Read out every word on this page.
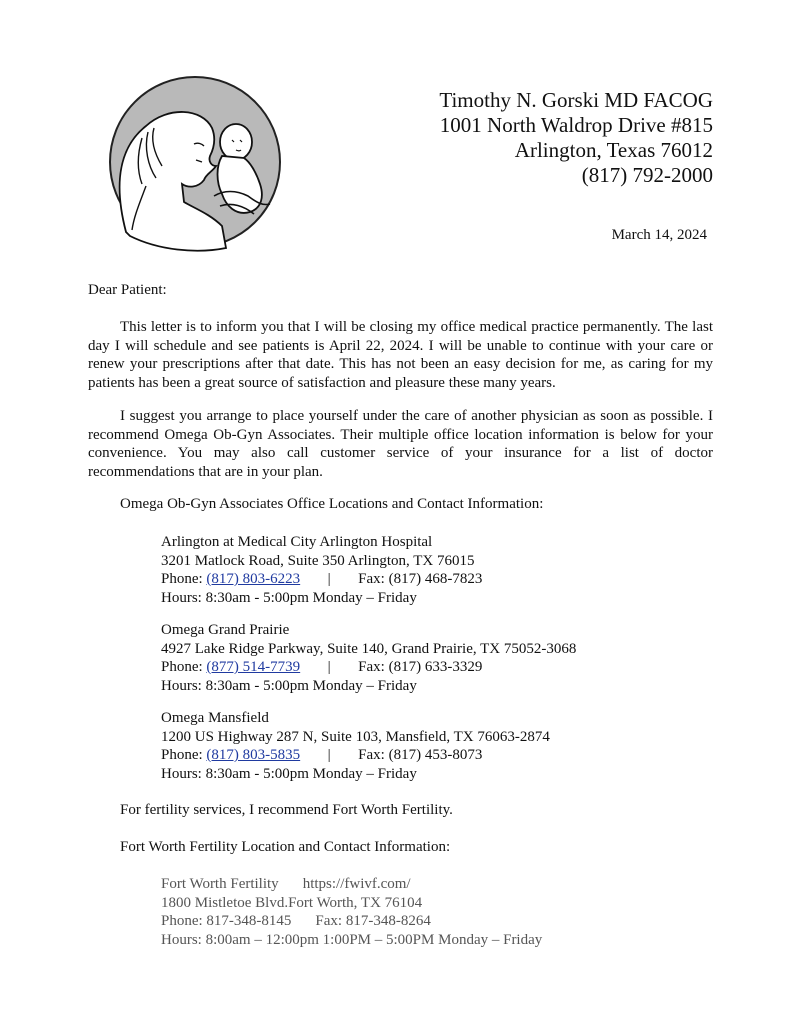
Timothy N. Gorski MD FACOG
1001 North Waldrop Drive #815
Arlington, Texas 76012
(817) 792-2000
March 14, 2024
Dear Patient:
This letter is to inform you that I will be closing my office medical practice permanently. The last day I will schedule and see patients is April 22, 2024. I will be unable to continue with your care or renew your prescriptions after that date. This has not been an easy decision for me, as caring for my patients has been a great source of satisfaction and pleasure these many years.
I suggest you arrange to place yourself under the care of another physician as soon as possible. I recommend Omega Ob-Gyn Associates. Their multiple office location information is below for your convenience. You may also call customer service of your insurance for a list of doctor recommendations that are in your plan.
Omega Ob-Gyn Associates Office Locations and Contact Information:
Arlington at Medical City Arlington Hospital
3201 Matlock Road, Suite 350 Arlington, TX 76015
Phone: (817) 803-6223 | Fax: (817) 468-7823
Hours: 8:30am - 5:00pm Monday – Friday
Omega Grand Prairie
4927 Lake Ridge Parkway, Suite 140, Grand Prairie, TX 75052-3068
Phone: (877) 514-7739 | Fax: (817) 633-3329
Hours: 8:30am - 5:00pm Monday – Friday
Omega Mansfield
1200 US Highway 287 N, Suite 103, Mansfield, TX 76063-2874
Phone: (817) 803-5835 | Fax: (817) 453-8073
Hours: 8:30am - 5:00pm Monday – Friday
For fertility services, I recommend Fort Worth Fertility.
Fort Worth Fertility Location and Contact Information:
Fort Worth Fertility https://fwivf.com/
1800 Mistletoe Blvd.Fort Worth, TX 76104
Phone: 817-348-8145 Fax: 817-348-8264
Hours: 8:00am – 12:00pm 1:00PM – 5:00PM Monday – Friday
